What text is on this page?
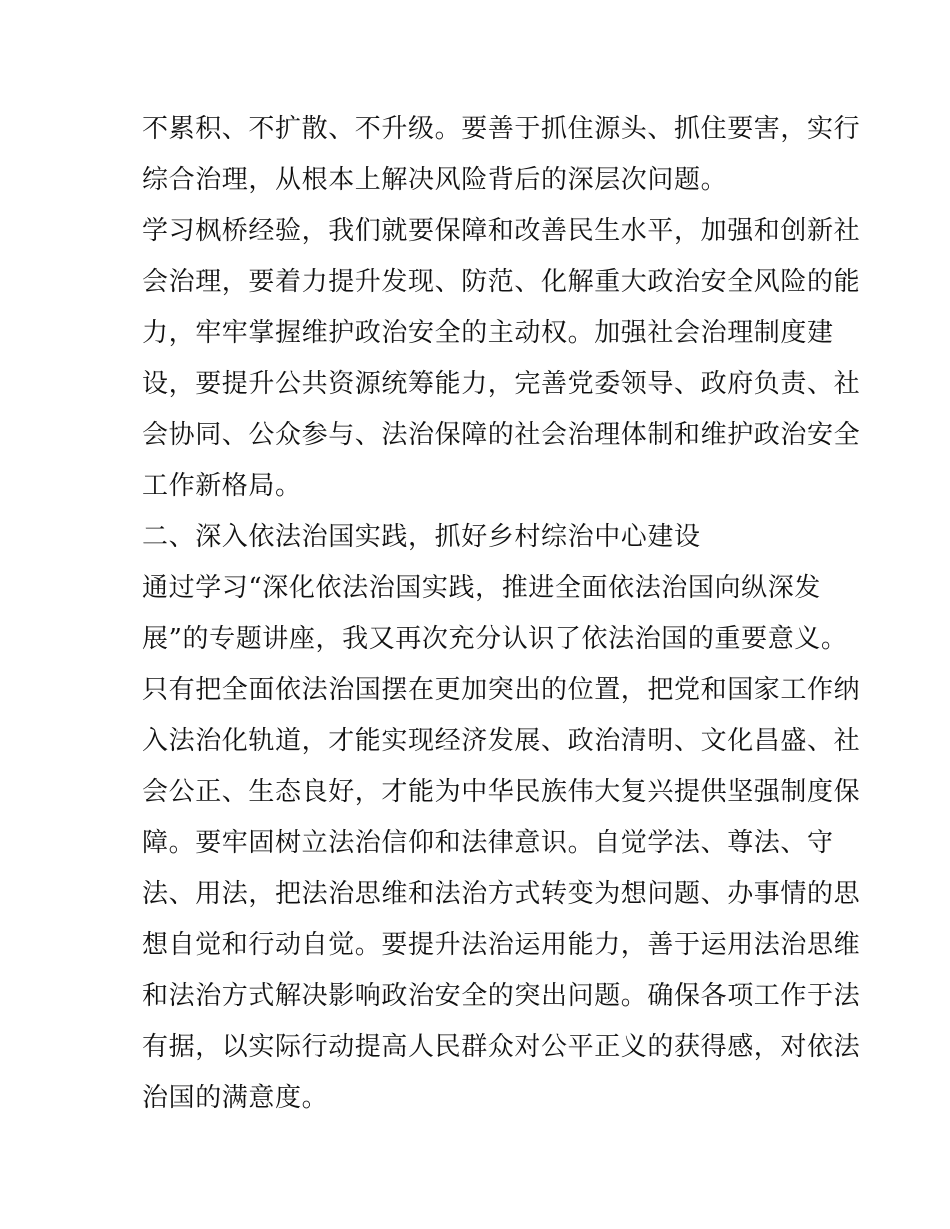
不累积、不扩散、不升级。要善于抓住源头、抓住要害，实行

综合治理，从根本上解决风险背后的深层次问题。

学习枫桥经验，我们就要保障和改善民生水平，加强和创新社

会治理，要着力提升发现、防范、化解重大政治安全风险的能

力，牢牢掌握维护政治安全的主动权。加强社会治理制度建

设，要提升公共资源统筹能力，完善党委领导、政府负责、社

会协同、公众参与、法治保障的社会治理体制和维护政治安全

工作新格局。

二、深入依法治国实践，抓好乡村综治中心建设

通过学习“深化依法治国实践，推进全面依法治国向纵深发

展”的专题讲座，我又再次充分认识了依法治国的重要意义。

只有把全面依法治国摆在更加突出的位置，把党和国家工作纳

入法治化轨道，才能实现经济发展、政治清明、文化昌盛、社

会公正、生态良好，才能为中华民族伟大复兴提供坚强制度保

障。要牢固树立法治信仰和法律意识。自觉学法、尊法、守

法、用法，把法治思维和法治方式转变为想问题、办事情的思

想自觉和行动自觉。要提升法治运用能力，善于运用法治思维

和法治方式解决影响政治安全的突出问题。确保各项工作于法

有据，以实际行动提高人民群众对公平正义的获得感，对依法

治国的满意度。
